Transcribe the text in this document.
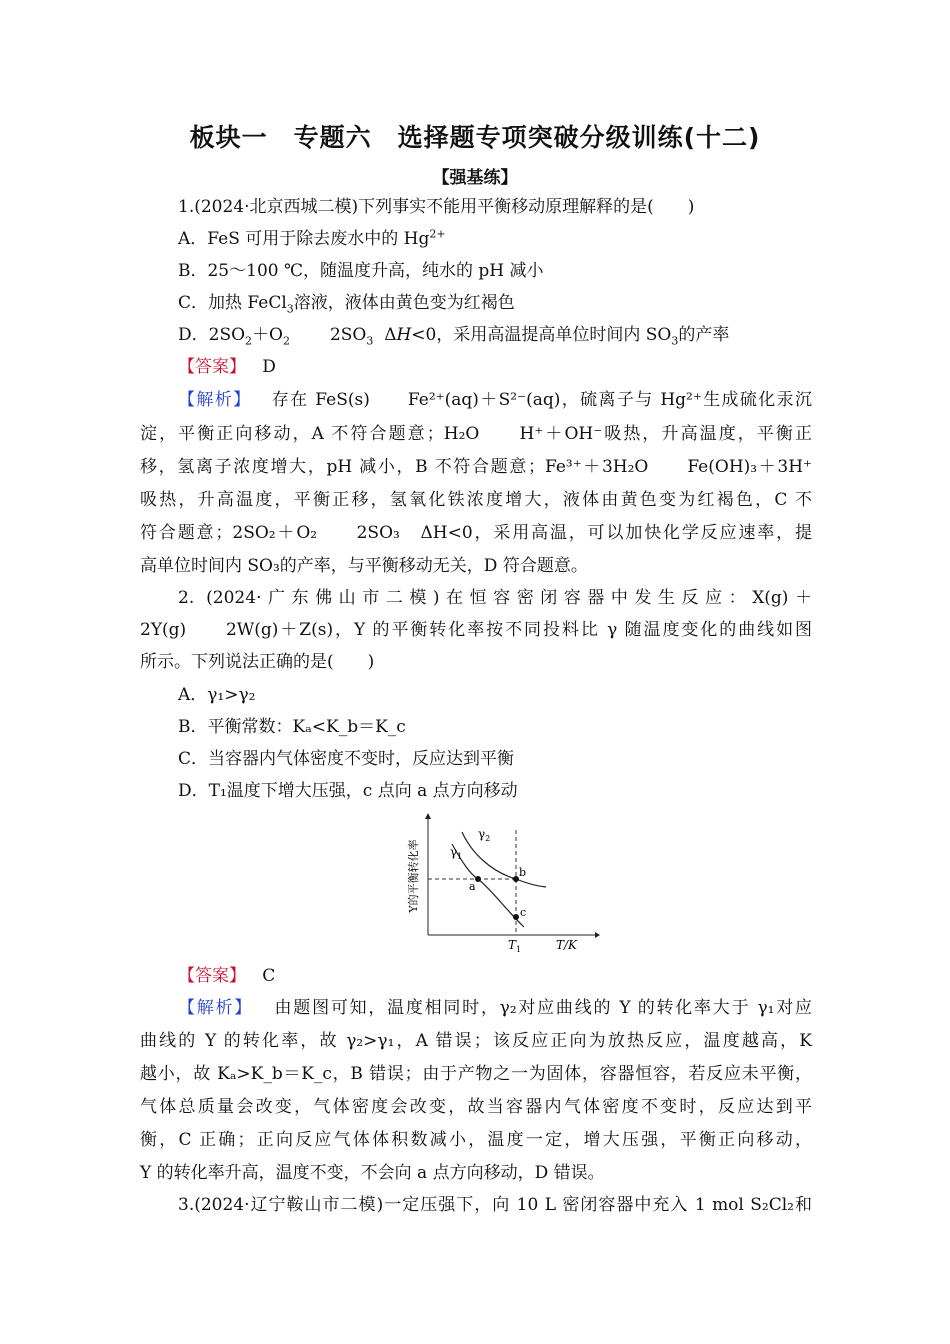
板块一　专题六　选择题专项突破分级训练(十二)
【强基练】
1.(2024·北京西城二模)下列事实不能用平衡移动原理解释的是(　　)
A．FeS 可用于除去废水中的 $Hg^{2+}$
B．25～100 ℃，随温度升高，纯水的 pH 减小
C．加热 FeCl$_3$溶液，液体由黄色变为红褐色
D．$2SO_2+O_2$ $2SO_3$ ΔH<0，采用高温提高单位时间内 $SO_3$的产率
【答案】 D
【解析】 存在 FeS(s)　　Fe²⁺(aq)＋S²⁻(aq)，硫离子与 Hg²⁺生成硫化汞沉
淀，平衡正向移动，A 不符合题意；H₂O　　H⁺＋OH⁻吸热，升高温度，平衡正
移，氢离子浓度增大，pH 减小，B 不符合题意；Fe³⁺＋3H₂O　　Fe(OH)₃＋3H⁺
吸热，升高温度，平衡正移，氢氧化铁浓度增大，液体由黄色变为红褐色，C 不
符合题意；2SO₂＋O₂　　2SO₃　ΔH<0，采用高温，可以加快化学反应速率，提
高单位时间内 SO₃的产率，与平衡移动无关，D 符合题意。
2. (2024·广东佛山市二模)在恒容密闭容器中发生反应：X(g)＋
2Y(g)　　2W(g)＋Z(s)，Y 的平衡转化率按不同投料比 γ 随温度变化的曲线如图
所示。下列说法正确的是(　　)
A．γ₁>γ₂
B．平衡常数：Kₐ<K_b＝K_c
C．当容器内气体密度不变时，反应达到平衡
D．T₁温度下增大压强，c 点向 a 点方向移动
Y的平衡转化率
T/K
$T_1$
$\gamma_2$
$\gamma_1$
a
b
c
【答案】 C
【解析】 由题图可知，温度相同时，γ₂对应曲线的 Y 的转化率大于 γ₁对应
曲线的 Y 的转化率，故 γ₂>γ₁，A 错误；该反应正向为放热反应，温度越高，K
越小，故 Kₐ>K_b＝K_c，B 错误；由于产物之一为固体，容器恒容，若反应未平衡，
气体总质量会改变，气体密度会改变，故当容器内气体密度不变时，反应达到平
衡，C 正确；正向反应气体体积数减小，温度一定，增大压强，平衡正向移动，
Y 的转化率升高，温度不变，不会向 a 点方向移动，D 错误。
3.(2024·辽宁鞍山市二模)一定压强下，向 10 L 密闭容器中充入 1 mol S₂Cl₂和
